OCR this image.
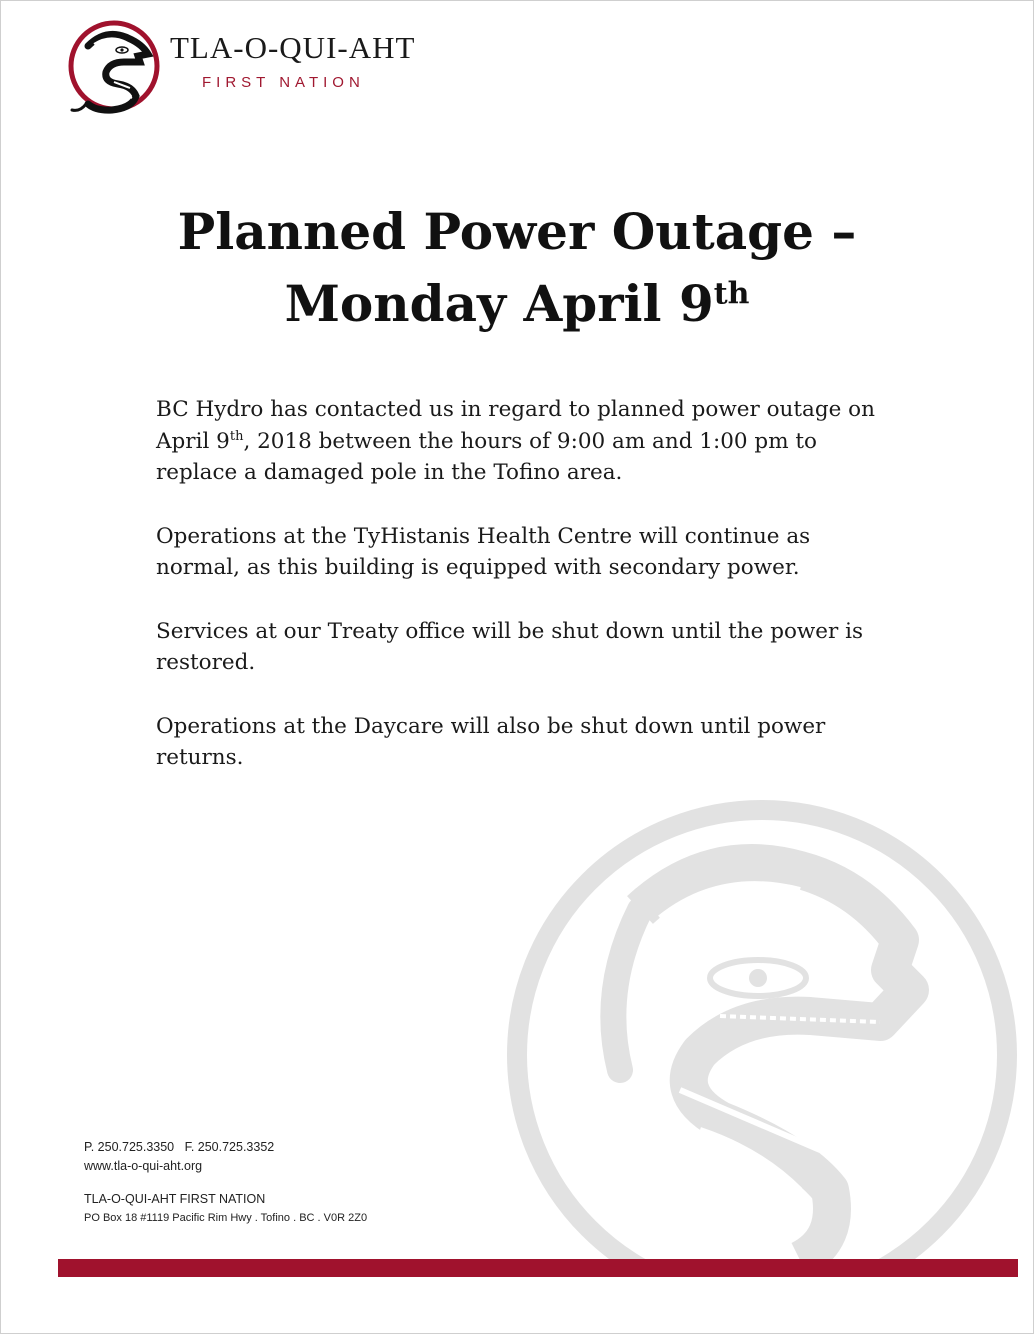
TLA-O-QUI-AHT
FIRST NATION
Planned Power Outage –
Monday April 9th

BC Hydro has contacted us in regard to planned power outage on April 9th, 2018 between the hours of 9:00 am and 1:00 pm to replace a damaged pole in the Tofino area.

Operations at the TyHistanis Health Centre will continue as normal, as this building is equipped with secondary power.

Services at our Treaty office will be shut down until the power is restored.

Operations at the Daycare will also be shut down until power returns.

P. 250.725.3350 F. 250.725.3352
www.tla-o-qui-aht.org
TLA-O-QUI-AHT FIRST NATION
PO Box 18 #1119 Pacific Rim Hwy . Tofino . BC . V0R 2Z0
